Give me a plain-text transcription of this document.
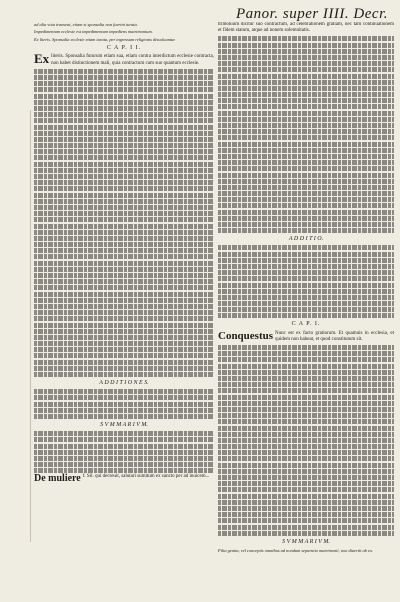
Panor. super IIII. Decr.

ad alia vota transeat, etiam si sponsalia non fuerint iurata.
Impedimentum ecclesie est impedimentum impediens matrimonium.
Ex literis. Sponsalia ecclesie etiam iurata, per ingressum religionis dissoluuntur.
C A P. I I.
Ex literis. Sponsalia futurum etiam sua, etiam contra interdictum ecclesie contracta, non habet distinctionem mali, quia contractum cum suo quantum ecclesie.
A D D I T I O N E S.
S V M M A R I V M.
De muliere f. Sil. qui decreuit, salutari sumitum ex sancto per ad inuicem...
trimonium dicitur suo contractum, ad celebrationem gratiam, nec tam continuationem et fidem statum, atque ad nonem solemnitatis.
A D D I T I O.
C A P. I.
Conquestus Nunc est ex facto gratiorum. Et quamuis in ecclesia, et quidem non habeat, et quod constitutum sit.
S V M M A R I V M.
Filia genita, vel conceptis omnibus ad nondum separatio matrimonii, non diuertit ab eo.
